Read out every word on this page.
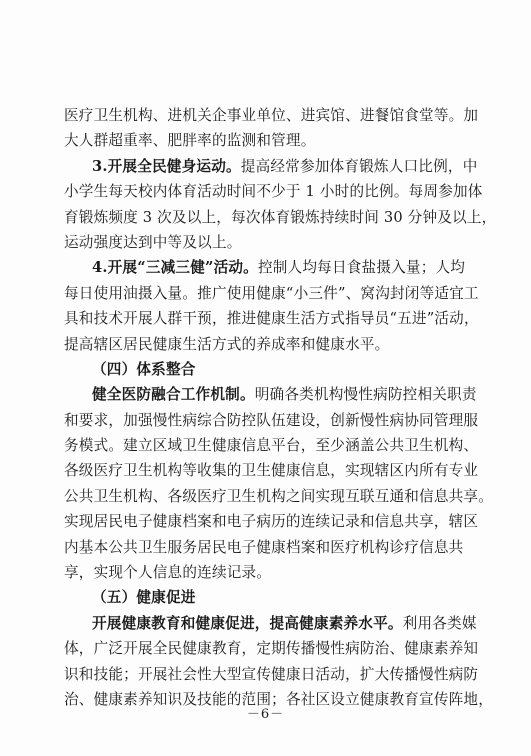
医疗卫生机构、进机关企事业单位、进宾馆、进餐馆食堂等。加
大人群超重率、肥胖率的监测和管理。
3.开展全民健身运动。提高经常参加体育锻炼人口比例，中
小学生每天校内体育活动时间不少于 1 小时的比例。每周参加体
育锻炼频度 3 次及以上，每次体育锻炼持续时间 30 分钟及以上，
运动强度达到中等及以上。
4.开展“三减三健”活动。控制人均每日食盐摄入量；人均
每日使用油摄入量。推广使用健康“小三件”、窝沟封闭等适宜工
具和技术开展人群干预，推进健康生活方式指导员“五进”活动，
提高辖区居民健康生活方式的养成率和健康水平。
（四）体系整合
健全医防融合工作机制。明确各类机构慢性病防控相关职责
和要求，加强慢性病综合防控队伍建设，创新慢性病协同管理服
务模式。建立区域卫生健康信息平台，至少涵盖公共卫生机构、
各级医疗卫生机构等收集的卫生健康信息，实现辖区内所有专业
公共卫生机构、各级医疗卫生机构之间实现互联互通和信息共享。
实现居民电子健康档案和电子病历的连续记录和信息共享，辖区
内基本公共卫生服务居民电子健康档案和医疗机构诊疗信息共
享，实现个人信息的连续记录。
（五）健康促进
开展健康教育和健康促进，提高健康素养水平。利用各类媒
体，广泛开展全民健康教育，定期传播慢性病防治、健康素养知
识和技能；开展社会性大型宣传健康日活动，扩大传播慢性病防
治、健康素养知识及技能的范围；各社区设立健康教育宣传阵地，
－6－
